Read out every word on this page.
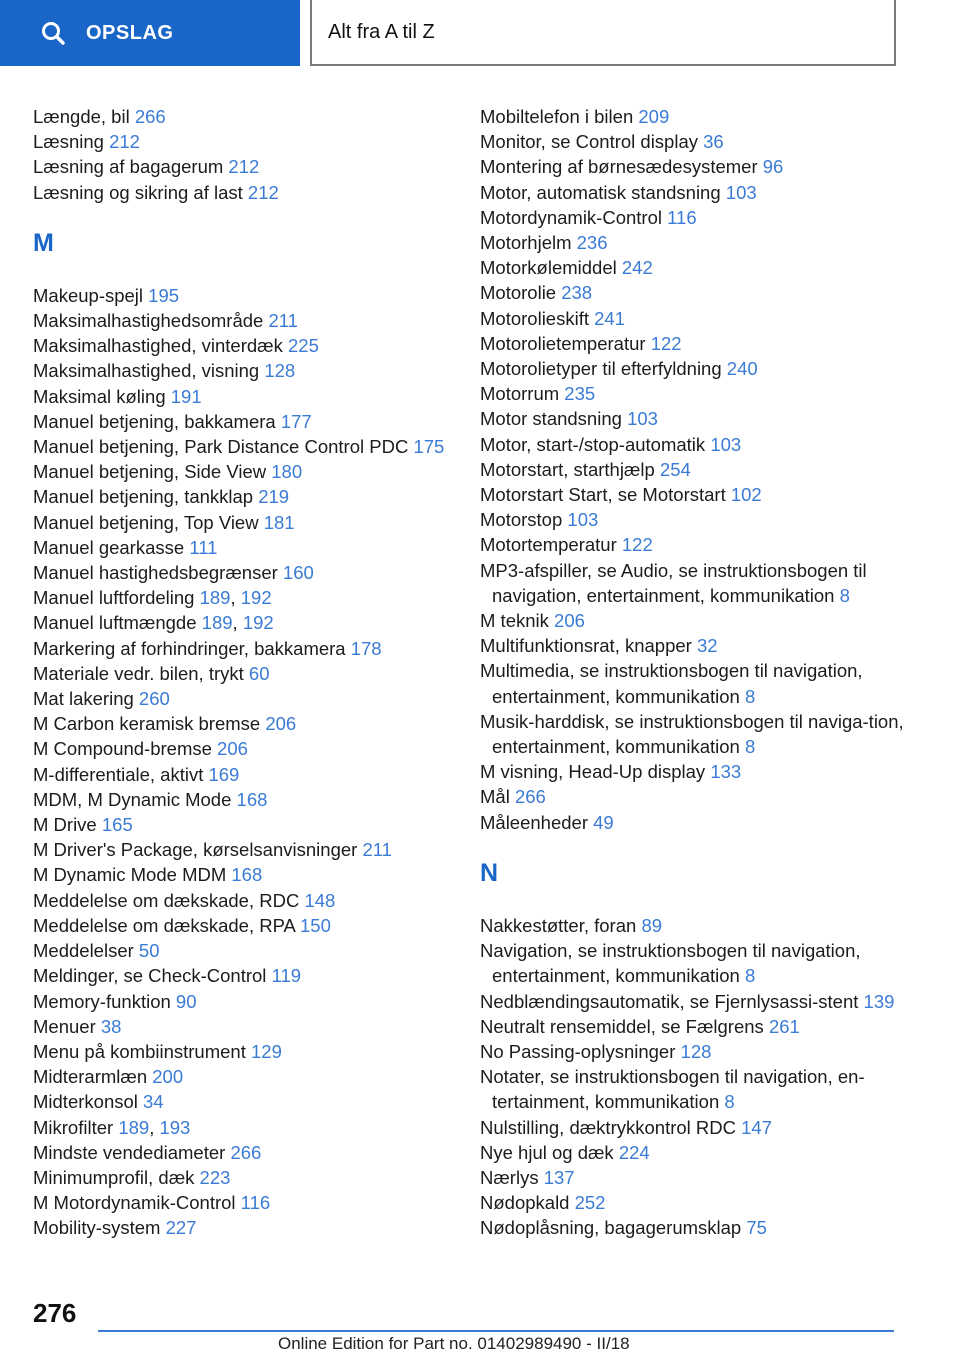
OPSLAG	Alt fra A til Z
Længde, bil 266
Læsning 212
Læsning af bagagerum 212
Læsning og sikring af last 212
M
Makeup-spejl 195
Maksimalhastighedsområde 211
Maksimalhastighed, vinterdæk 225
Maksimalhastighed, visning 128
Maksimal køling 191
Manuel betjening, bakkamera 177
Manuel betjening, Park Distance Control PDC 175
Manuel betjening, Side View 180
Manuel betjening, tankklap 219
Manuel betjening, Top View 181
Manuel gearkasse 111
Manuel hastighedsbegrænser 160
Manuel luftfordeling 189, 192
Manuel luftmængde 189, 192
Markering af forhindringer, bakkamera 178
Materiale vedr. bilen, trykt 60
Mat lakering 260
M Carbon keramisk bremse 206
M Compound-bremse 206
M-differentiale, aktivt 169
MDM, M Dynamic Mode 168
M Drive 165
M Driver's Package, kørselsanvisninger 211
M Dynamic Mode MDM 168
Meddelelse om dækskade, RDC 148
Meddelelse om dækskade, RPA 150
Meddelelser 50
Meldinger, se Check-Control 119
Memory-funktion 90
Menuer 38
Menu på kombiinstrument 129
Midterarmlæn 200
Midterkonsol 34
Mikrofilter 189, 193
Mindste vendediameter 266
Minimumprofil, dæk 223
M Motordynamik-Control 116
Mobility-system 227
Mobiltelefon i bilen 209
Monitor, se Control display 36
Montering af børnesædesystemer 96
Motor, automatisk standsning 103
Motordynamik-Control 116
Motorhjelm 236
Motorkølemiddel 242
Motorolie 238
Motorolieskift 241
Motorolietemperatur 122
Motorolietyper til efterfyldning 240
Motorrum 235
Motor standsning 103
Motor, start-/stop-automatik 103
Motorstart, starthjælp 254
Motorstart Start, se Motorstart 102
Motorstop 103
Motortemperatur 122
MP3-afspiller, se Audio, se instruktionsbogen til navigation, entertainment, kommunikation 8
M teknik 206
Multifunktionsrat, knapper 32
Multimedia, se instruktionsbogen til navigation, entertainment, kommunikation 8
Musik-harddisk, se instruktionsbogen til naviga‐tion, entertainment, kommunikation 8
M visning, Head-Up display 133
Mål 266
Måleenheder 49
N
Nakkestøtter, foran 89
Navigation, se instruktionsbogen til navigation, entertainment, kommunikation 8
Nedblændingsautomatik, se Fjernlysassi‐stent 139
Neutralt rensemiddel, se Fælgrens 261
No Passing-oplysninger 128
Notater, se instruktionsbogen til navigation, en‐tertainment, kommunikation 8
Nulstilling, dæktrykkontrol RDC 147
Nye hjul og dæk 224
Nærlys 137
Nødopkald 252
Nødoplåsning, bagagerumsklap 75
276
Online Edition for Part no. 01402989490 - II/18
